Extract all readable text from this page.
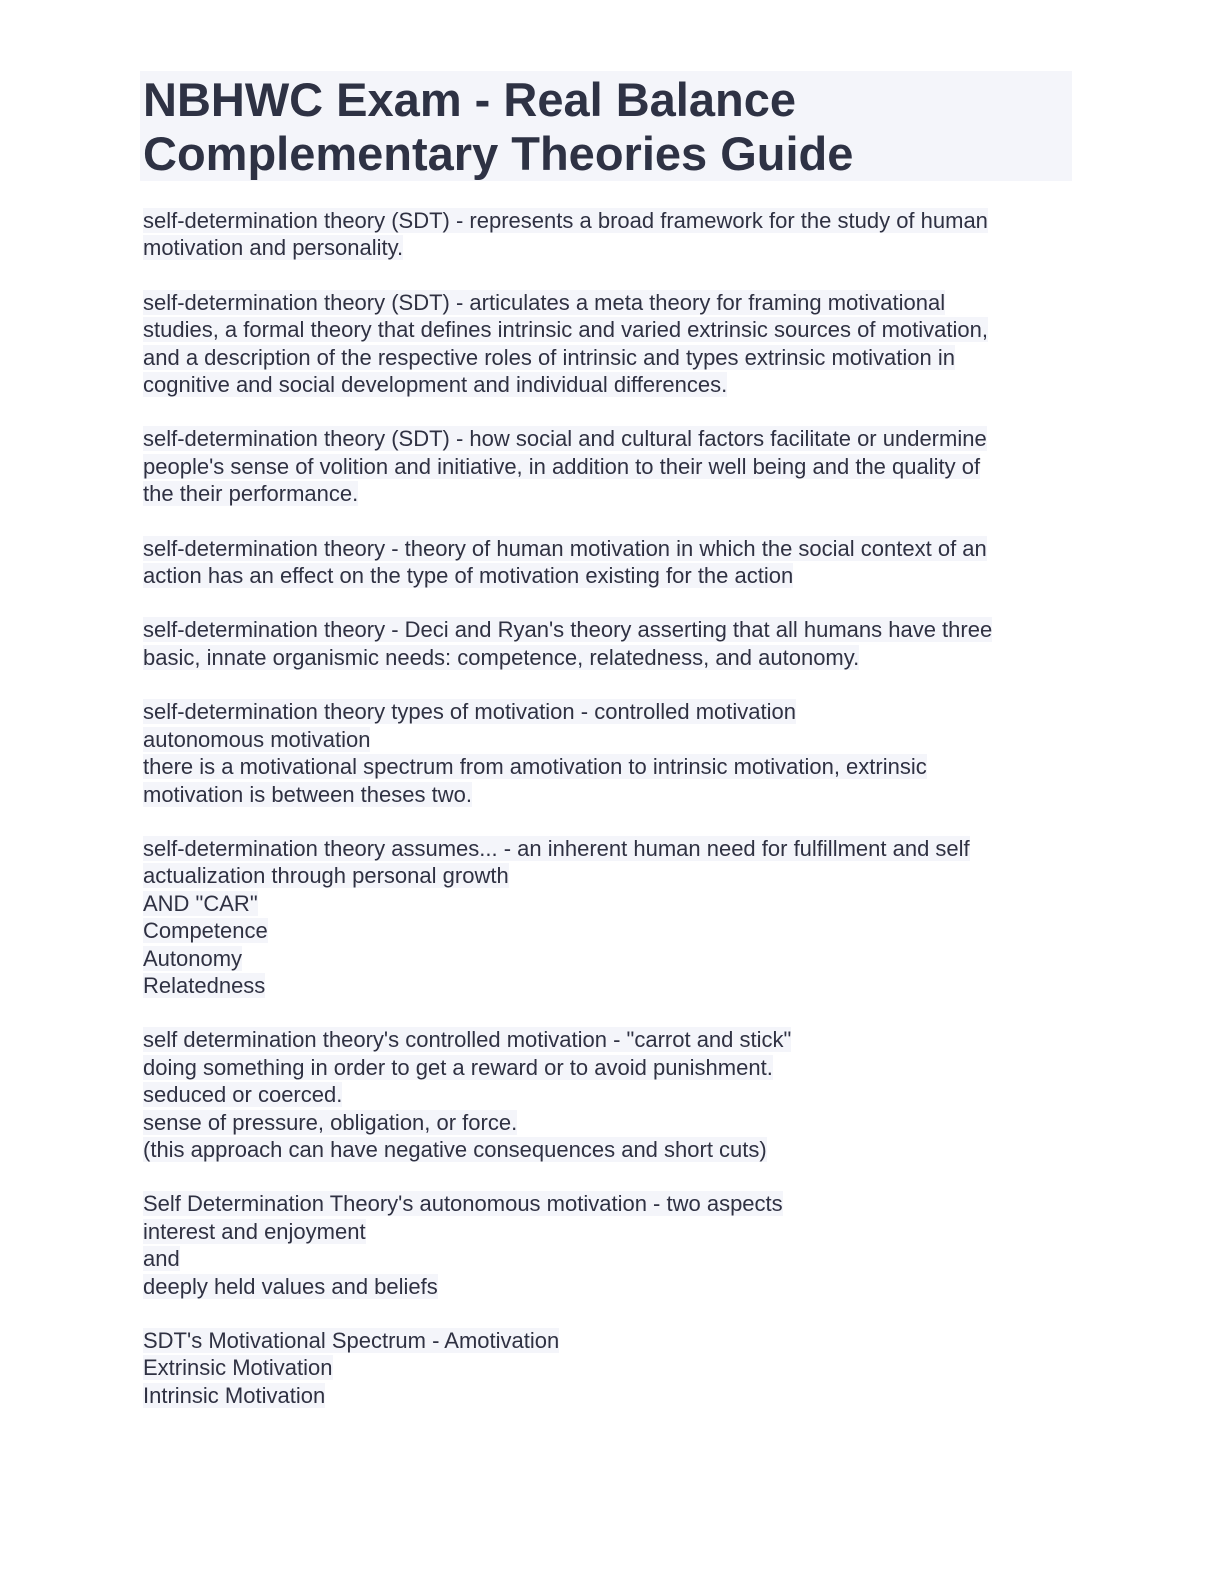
NBHWC Exam - Real Balance
Complementary Theories Guide
self-determination theory (SDT) - represents a broad framework for the study of human
motivation and personality.
self-determination theory (SDT) - articulates a meta theory for framing motivational
studies, a formal theory that defines intrinsic and varied extrinsic sources of motivation,
and a description of the respective roles of intrinsic and types extrinsic motivation in
cognitive and social development and individual differences.
self-determination theory (SDT) - how social and cultural factors facilitate or undermine
people's sense of volition and initiative, in addition to their well being and the quality of
the their performance.
self-determination theory - theory of human motivation in which the social context of an
action has an effect on the type of motivation existing for the action
self-determination theory - Deci and Ryan's theory asserting that all humans have three
basic, innate organismic needs: competence, relatedness, and autonomy.
self-determination theory types of motivation - controlled motivation
autonomous motivation
there is a motivational spectrum from amotivation to intrinsic motivation, extrinsic
motivation is between theses two.
self-determination theory assumes... - an inherent human need for fulfillment and self
actualization through personal growth
AND "CAR"
Competence
Autonomy
Relatedness
self determination theory's controlled motivation - "carrot and stick"
doing something in order to get a reward or to avoid punishment.
seduced or coerced.
sense of pressure, obligation, or force.
(this approach can have negative consequences and short cuts)
Self Determination Theory's autonomous motivation - two aspects
interest and enjoyment
and
deeply held values and beliefs
SDT's Motivational Spectrum - Amotivation
Extrinsic Motivation
Intrinsic Motivation
